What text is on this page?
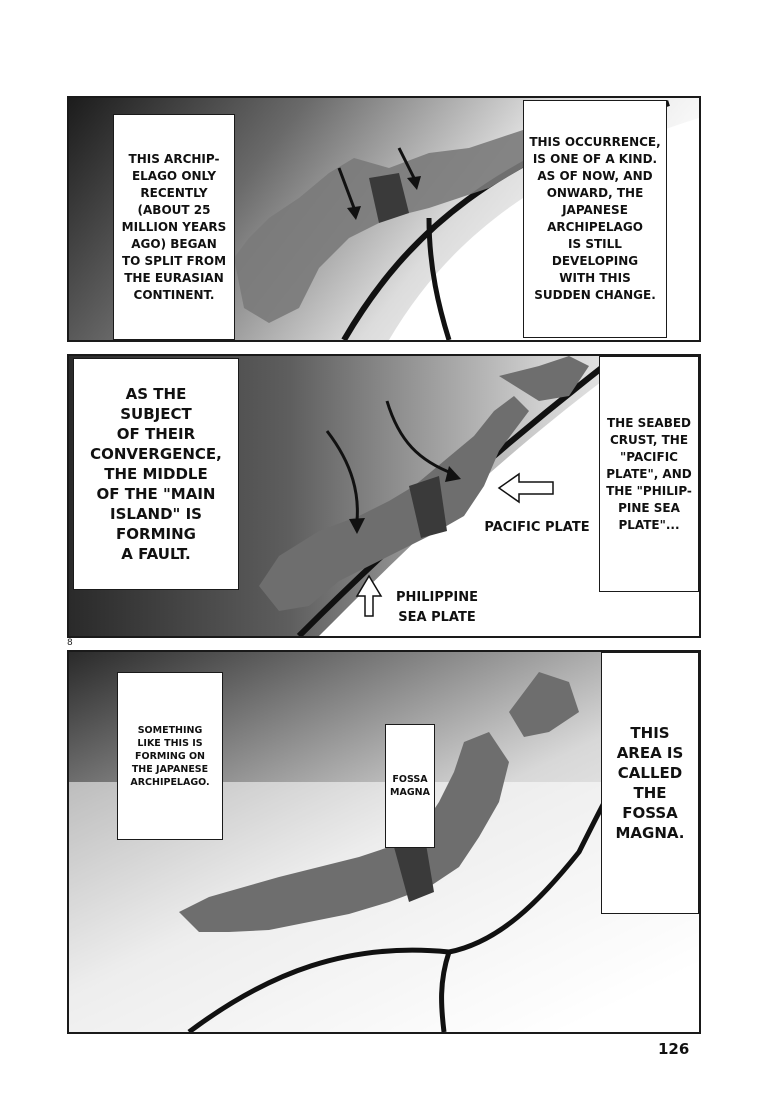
THIS ARCHIP-
ELAGO ONLY
RECENTLY
(ABOUT 25
MILLION YEARS
AGO) BEGAN
TO SPLIT FROM
THE EURASIAN
CONTINENT.
THIS OCCURRENCE,
IS ONE OF A KIND.
AS OF NOW, AND
ONWARD, THE
JAPANESE
ARCHIPELAGO
IS STILL
DEVELOPING
WITH THIS
SUDDEN CHANGE.
AS THE
SUBJECT
OF THEIR
CONVERGENCE,
THE MIDDLE
OF THE "MAIN
ISLAND" IS
FORMING
A FAULT.
THE SEABED
CRUST, THE
"PACIFIC
PLATE", AND
THE "PHILIP-
PINE SEA
PLATE"...
PACIFIC PLATE
PHILIPPINE
SEA PLATE
8
SOMETHING
LIKE THIS IS
FORMING ON
THE JAPANESE
ARCHIPELAGO.	FOSSA
MAGNA
THIS
AREA IS
CALLED
THE
FOSSA
MAGNA.
126
